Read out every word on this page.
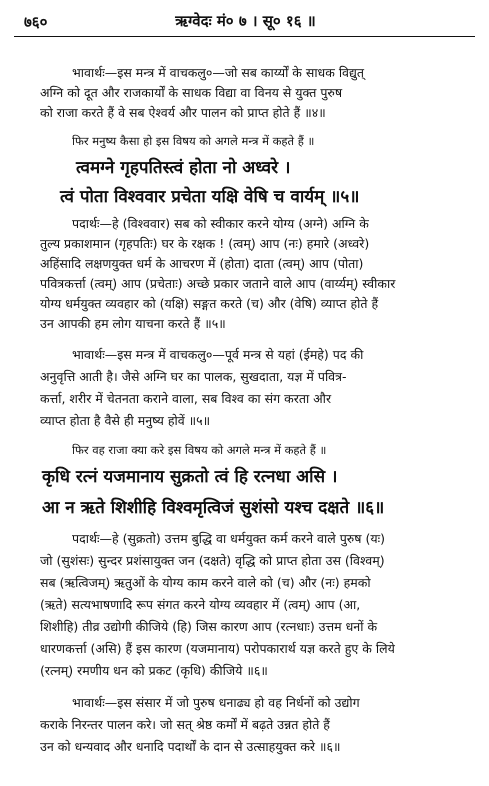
७६०	ऋग्वेदः मं० ७ । सू० १६ ॥
भावार्थः—इस मन्त्र में वाचकलु०—जो सब कार्य्यों के साधक विद्युत्
अग्नि को दूत और राजकार्यों के साधक विद्या वा विनय से युक्त पुरुष
को राजा करते हैं वे सब ऐश्वर्य और पालन को प्राप्त होते हैं ॥४॥
फिर मनुष्य कैसा हो इस विषय को अगले मन्त्र में कहते हैं ॥
त्वमग्ने गृहपतिस्त्वं होता नो अध्वरे ।
त्वं पोता विश्ववार प्रचेता यक्षि वेषि च वार्यम् ॥५॥
पदार्थः—हे (विश्ववार) सब को स्वीकार करने योग्य (अग्ने) अग्नि के
तुल्य प्रकाशमान (गृहपतिः) घर के रक्षक ! (त्वम्) आप (नः) हमारे (अध्वरे)
अहिंसादि लक्षणयुक्त धर्म के आचरण में (होता) दाता (त्वम्) आप (पोता)
पवित्रकर्त्ता (त्वम्) आप (प्रचेताः) अच्छे प्रकार जताने वाले आप (वार्य्यम्) स्वीकार
योग्य धर्मयुक्त व्यवहार को (यक्षि) सङ्गत करते (च) और (वेषि) व्याप्त होते हैं
उन आपकी हम लोग याचना करते हैं ॥५॥
भावार्थः—इस मन्त्र में वाचकलु०—पूर्व मन्त्र से यहां (ईमहे) पद की
अनुवृत्ति आती है। जैसे अग्नि घर का पालक, सुखदाता, यज्ञ में पवित्र-
कर्त्ता, शरीर में चेतनता कराने वाला, सब विश्व का संग करता और
व्याप्त होता है वैसे ही मनुष्य होवें ॥५॥
फिर वह राजा क्या करे इस विषय को अगले मन्त्र में कहते हैं ॥
कृधि रत्नं यजमानाय सुक्रतो त्वं हि रत्नधा असि ।
आ न ऋते शिशीहि विश्वमृत्विजं सुशंसो यश्च दक्षते ॥६॥
पदार्थः—हे (सुक्रतो) उत्तम बुद्धि वा धर्मयुक्त कर्म करने वाले पुरुष (यः)
जो (सुशंसः) सुन्दर प्रशंसायुक्त जन (दक्षते) वृद्धि को प्राप्त होता उस (विश्वम्)
सब (ऋत्विजम्) ऋतुओं के योग्य काम करने वाले को (च) और (नः) हमको
(ऋते) सत्यभाषणादि रूप संगत करने योग्य व्यवहार में (त्वम्) आप (आ,
शिशीहि) तीव्र उद्योगी कीजिये (हि) जिस कारण आप (रत्नधाः) उत्तम धनों के
धारणकर्त्ता (असि) हैं इस कारण (यजमानाय) परोपकारार्थ यज्ञ करते हुए के लिये
(रत्नम्) रमणीय धन को प्रकट (कृधि) कीजिये ॥६॥
भावार्थः—इस संसार में जो पुरुष धनाढ्य हो वह निर्धनों को उद्योग
कराके निरन्तर पालन करे। जो सत् श्रेष्ठ कर्मों में बढ़ते उन्नत होते हैं
उन को धन्यवाद और धनादि पदार्थों के दान से उत्साहयुक्त करे ॥६॥
